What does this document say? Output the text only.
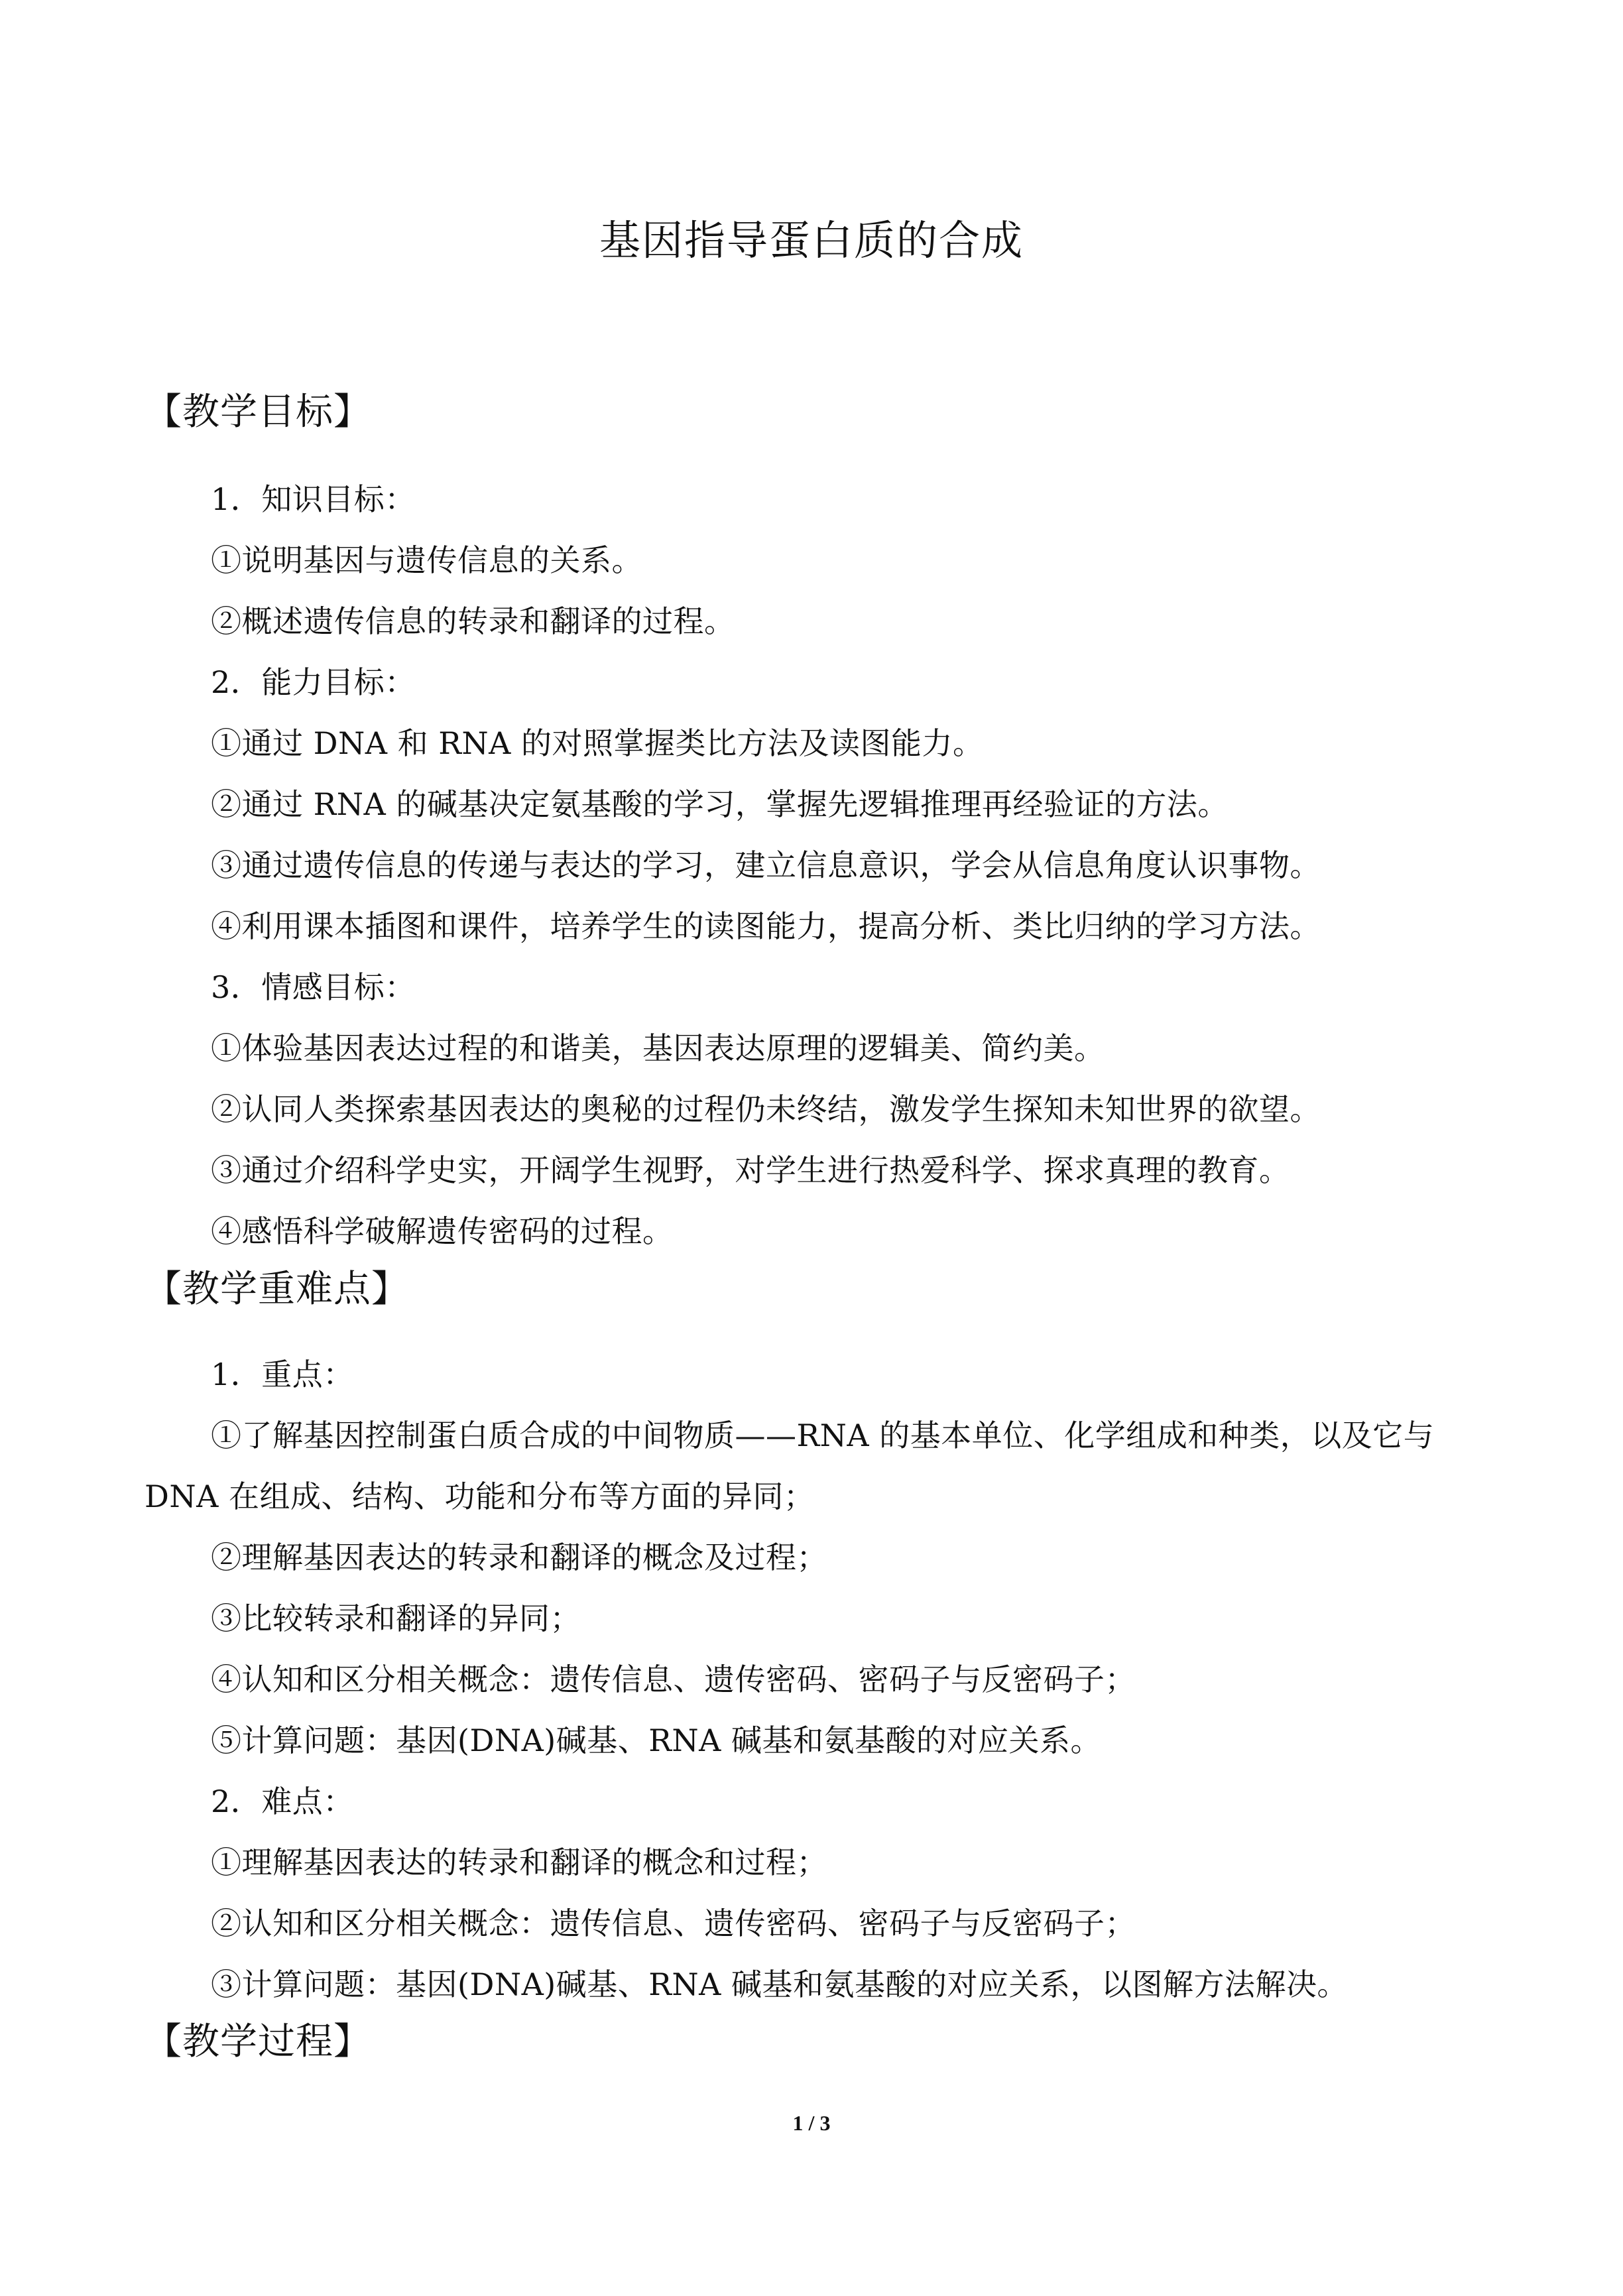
基因指导蛋白质的合成
【教学目标】
1．知识目标：
①说明基因与遗传信息的关系。
②概述遗传信息的转录和翻译的过程。
2．能力目标：
①通过 DNA 和 RNA 的对照掌握类比方法及读图能力。
②通过 RNA 的碱基决定氨基酸的学习，掌握先逻辑推理再经验证的方法。
③通过遗传信息的传递与表达的学习，建立信息意识，学会从信息角度认识事物。
④利用课本插图和课件，培养学生的读图能力，提高分析、类比归纳的学习方法。
3．情感目标：
①体验基因表达过程的和谐美，基因表达原理的逻辑美、简约美。
②认同人类探索基因表达的奥秘的过程仍未终结，激发学生探知未知世界的欲望。
③通过介绍科学史实，开阔学生视野，对学生进行热爱科学、探求真理的教育。
④感悟科学破解遗传密码的过程。
【教学重难点】
1．重点：
①了解基因控制蛋白质合成的中间物质——RNA 的基本单位、化学组成和种类，以及它与
DNA 在组成、结构、功能和分布等方面的异同；
②理解基因表达的转录和翻译的概念及过程；
③比较转录和翻译的异同；
④认知和区分相关概念：遗传信息、遗传密码、密码子与反密码子；
⑤计算问题：基因(DNA)碱基、RNA 碱基和氨基酸的对应关系。
2．难点：
①理解基因表达的转录和翻译的概念和过程；
②认知和区分相关概念：遗传信息、遗传密码、密码子与反密码子；
③计算问题：基因(DNA)碱基、RNA 碱基和氨基酸的对应关系，以图解方法解决。
【教学过程】
1 / 3
